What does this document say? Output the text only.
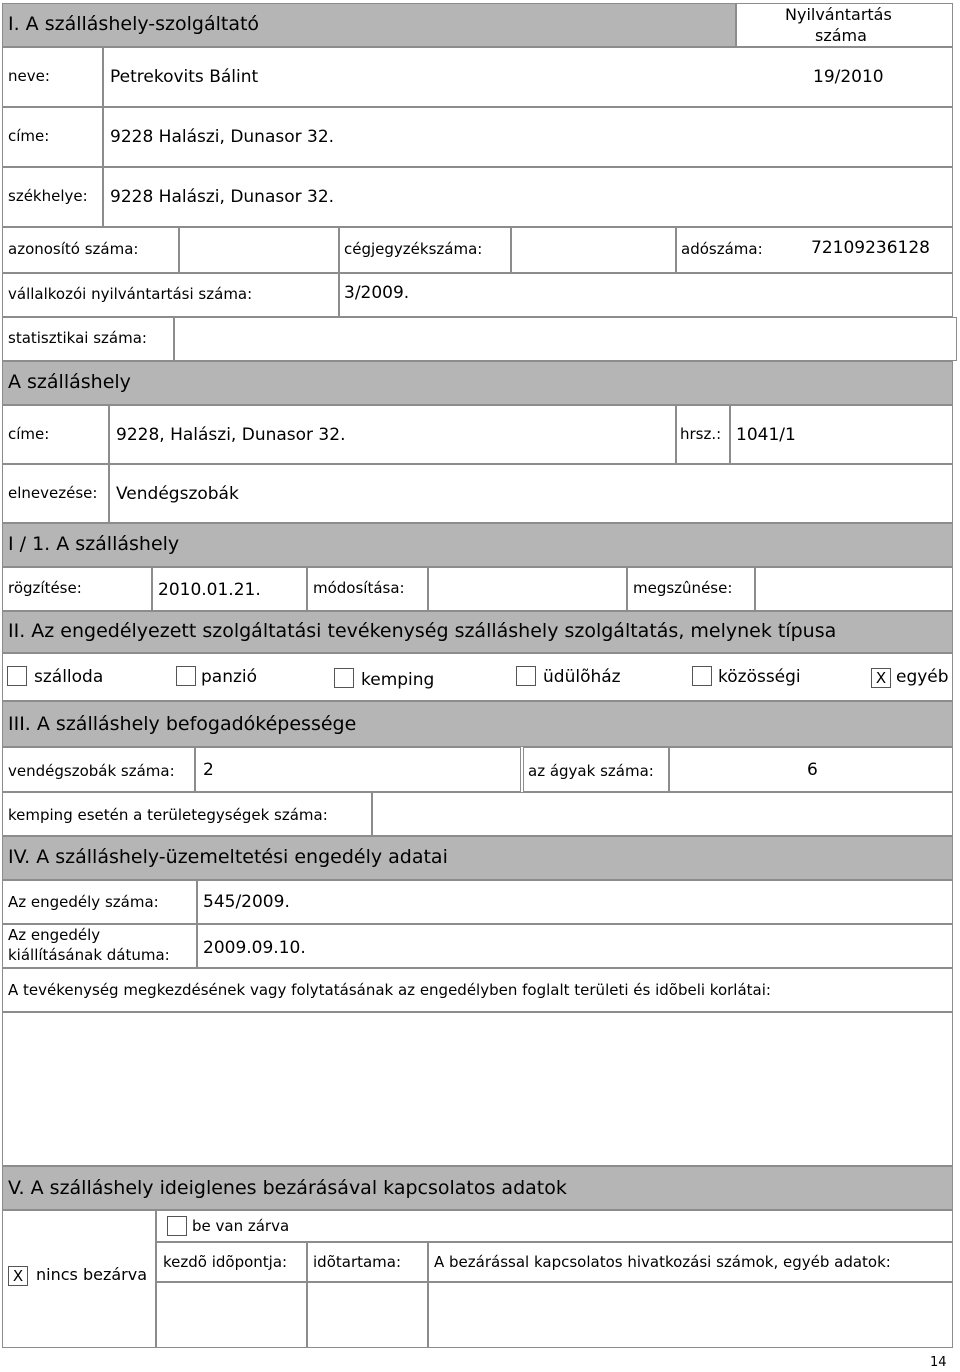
I. A szálláshely-szolgáltató	Nyilvántartás
száma
neve:	Petrekovits Bálint	19/2010
címe:	9228 Halászi, Dunasor 32.
székhelye: 9228 Halászi, Dunasor 32.
azonosító száma:	cégjegyzékszáma:	adószáma:	72109236128
vállalkozói nyilvántartási száma:	3/2009.
statisztikai száma:
A szálláshely
címe:	9228, Halászi, Dunasor 32.	hrsz.: 1041/1
elnevezése: Vendégszobák
I / 1. A szálláshely
rögzítése:	2010.01.21.	módosítása:	megszûnése:
II. Az engedélyezett szolgáltatási tevékenység szálláshely szolgáltatás, melynek típusa
szálloda	panzió	kemping	üdülõház	közösségi	X egyéb
III. A szálláshely befogadóképessége
vendégszobák száma: 2	az ágyak száma:	6
kemping esetén a területegységek száma:
IV. A szálláshely-üzemeltetési engedély adatai
Az engedély száma:	545/2009.
Az engedély
kiállításának dátuma: 2009.09.10.
A tevékenység megkezdésének vagy folytatásának az engedélyben foglalt területi és idõbeli korlátai:
V. A szálláshely ideiglenes bezárásával kapcsolatos adatok
X nincs bezárva
be van zárva
kezdõ idõpontja: idõtartama: A bezárással kapcsolatos hivatkozási számok, egyéb adatok:
14
